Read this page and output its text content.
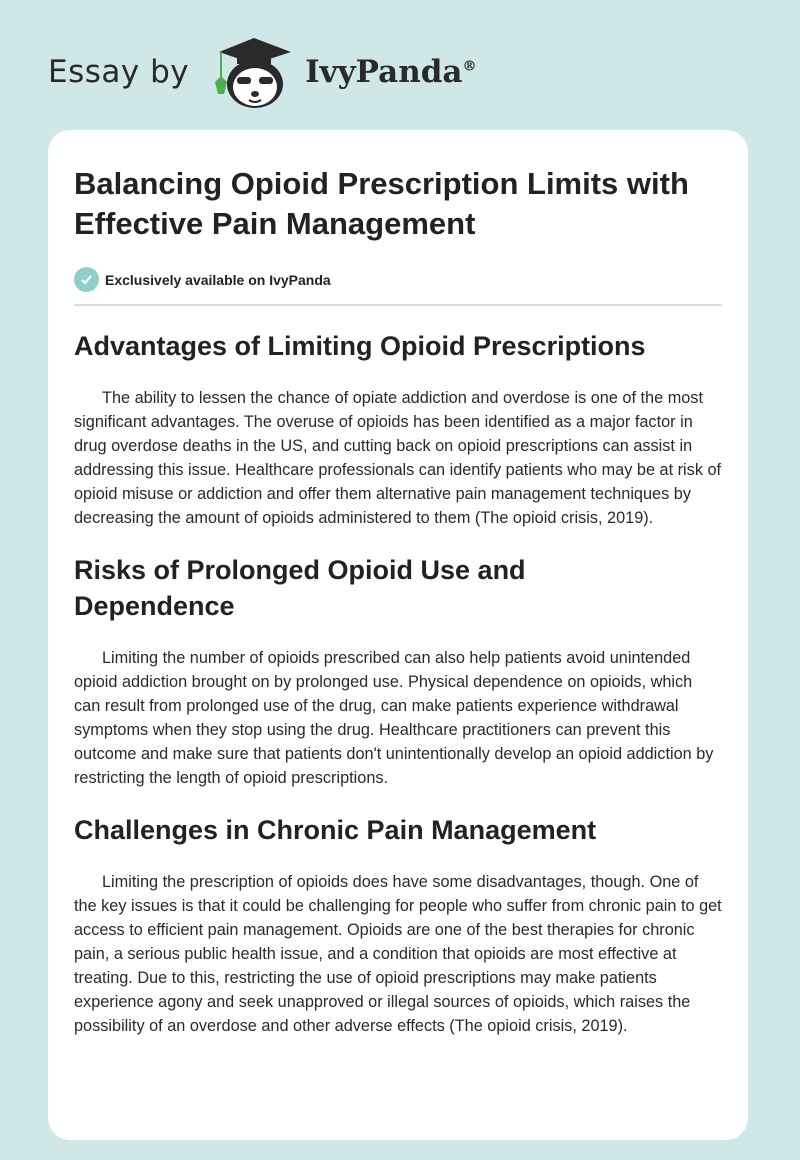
Essay by	IvyPanda®
Balancing Opioid Prescription Limits with Effective Pain Management
Exclusively available on IvyPanda
Advantages of Limiting Opioid Prescriptions

The ability to lessen the chance of opiate addiction and overdose is one of the most significant advantages. The overuse of opioids has been identified as a major factor in drug overdose deaths in the US, and cutting back on opioid prescriptions can assist in addressing this issue. Healthcare professionals can identify patients who may be at risk of opioid misuse or addiction and offer them alternative pain management techniques by decreasing the amount of opioids administered to them (The opioid crisis, 2019).

Risks of Prolonged Opioid Use and Dependence

Limiting the number of opioids prescribed can also help patients avoid unintended opioid addiction brought on by prolonged use. Physical dependence on opioids, which can result from prolonged use of the drug, can make patients experience withdrawal symptoms when they stop using the drug. Healthcare practitioners can prevent this outcome and make sure that patients don't unintentionally develop an opioid addiction by restricting the length of opioid prescriptions.

Challenges in Chronic Pain Management

Limiting the prescription of opioids does have some disadvantages, though. One of the key issues is that it could be challenging for people who suffer from chronic pain to get access to efficient pain management. Opioids are one of the best therapies for chronic pain, a serious public health issue, and a condition that opioids are most effective at treating. Due to this, restricting the use of opioid prescriptions may make patients experience agony and seek unapproved or illegal sources of opioids, which raises the possibility of an overdose and other adverse effects (The opioid crisis, 2019).
